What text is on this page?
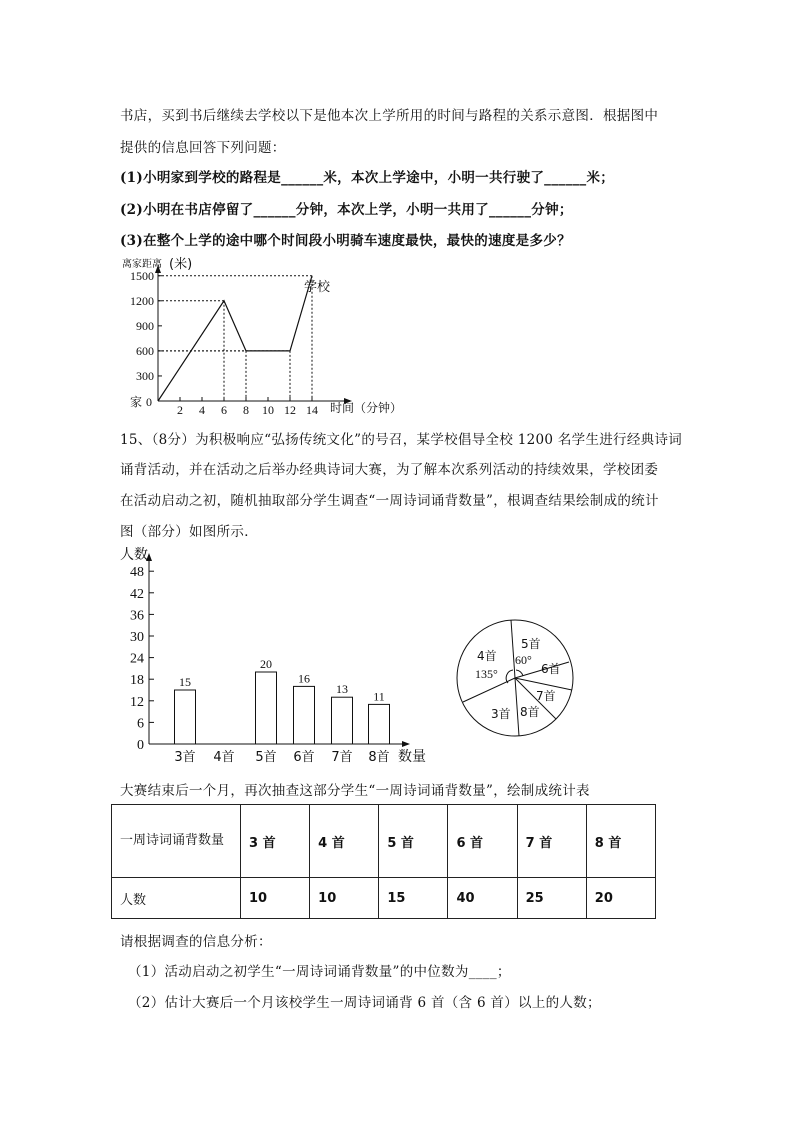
书店，买到书后继续去学校以下是他本次上学所用的时间与路程的关系示意图．根据图中
提供的信息回答下列问题：
(1)小明家到学校的路程是______米，本次上学途中，小明一共行驶了______米；
(2)小明在书店停留了______分钟，本次上学，小明一共用了______分钟；
(3)在整个上学的途中哪个时间段小明骑车速度最快，最快的速度是多少？
2 4 6 8 10 12 14
300
600
900
1200
1500
离家距离 (米)
学校
时间（分钟）
家 0
15、（8分）为积极响应“弘扬传统文化”的号召，某学校倡导全校 1200 名学生进行经典诗词
诵背活动，并在活动之后举办经典诗词大赛，为了解本次系列活动的持续效果，学校团委
在活动启动之初，随机抽取部分学生调查“一周诗词诵背数量”，根调查结果绘制成的统计
图（部分）如图所示．
0
6
12
18
24
30
36
42
48
15
3首 4首
20
5首
16
6首
13
7首
11
8首
人数
数量
5首
60°
6首
7首
8首
3首
4首
135°
大赛结束后一个月，再次抽查这部分学生“一周诗词诵背数量”，绘制成统计表
一周诗词诵背数量	3 首	4 首	5 首	6 首	7 首	8 首
人数	10	10	15	40	25	20
请根据调查的信息分析：
（1）活动启动之初学生“一周诗词诵背数量”的中位数为____；
（2）估计大赛后一个月该校学生一周诗词诵背 6 首（含 6 首）以上的人数；
